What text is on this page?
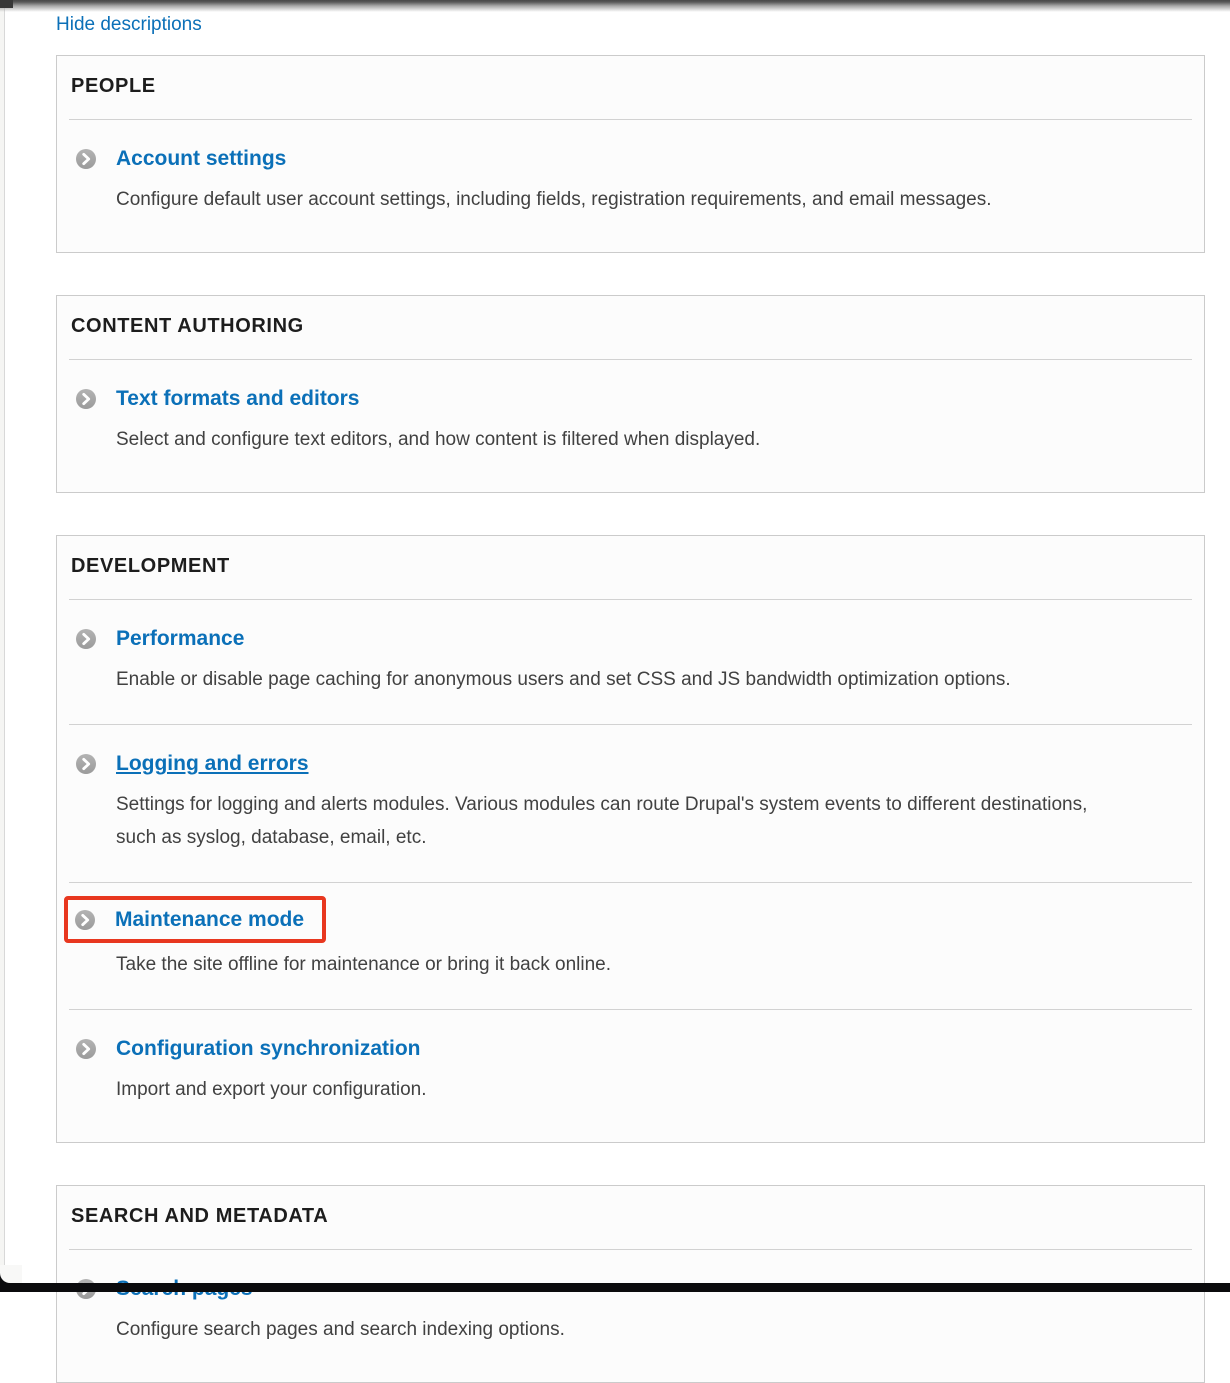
Hide descriptions
PEOPLE
Account settings

Configure default user account settings, including fields, registration requirements, and email messages.

CONTENT AUTHORING
Text formats and editors

Select and configure text editors, and how content is filtered when displayed.

DEVELOPMENT
Performance

Enable or disable page caching for anonymous users and set CSS and JS bandwidth optimization options.

Logging and errors

Settings for logging and alerts modules. Various modules can route Drupal's system events to different destinations, such as syslog, database, email, etc.

Maintenance mode

Take the site offline for maintenance or bring it back online.

Configuration synchronization

Import and export your configuration.

SEARCH AND METADATA

Configure search pages and search indexing options.
